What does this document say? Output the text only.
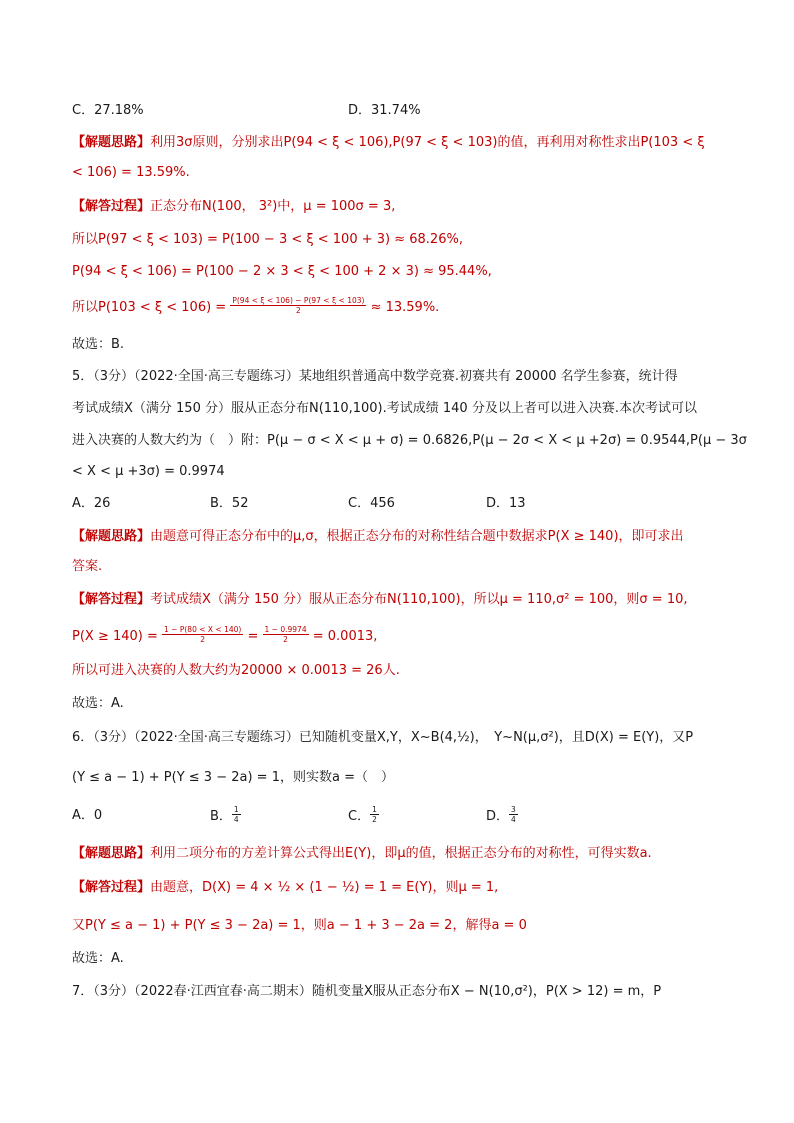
C．27.18%	D．31.74%
【解题思路】利用3σ原则，分别求出P(94 < ξ < 106),P(97 < ξ < 103)的值，再利用对称性求出P(103 < ξ
< 106) = 13.59%.
【解答过程】正态分布N(100， 3²)中，μ = 100σ = 3,
所以P(97 < ξ < 103) = P(100 − 3 < ξ < 100 + 3) ≈ 68.26%,
P(94 < ξ < 106) = P(100 − 2 × 3 < ξ < 100 + 2 × 3) ≈ 95.44%,
所以$P(103 < \xi < 106) = \frac{P(94 < \xi < 106) - P(97 < \xi < 103)}{2} \approx 13.59\%$.
故选：B.
5．（3分）（2022·全国·高三专题练习）某地组织普通高中数学竞赛.初赛共有 20000 名学生参赛，统计得
考试成绩X（满分 150 分）服从正态分布N(110,100).考试成绩 140 分及以上者可以进入决赛.本次考试可以
进入决赛的人数大约为（　）附：P(μ − σ < X < μ + σ) = 0.6826,P(μ − 2σ < X < μ +2σ) = 0.9544,P(μ − 3σ
< X < μ +3σ) = 0.9974
A．26	B．52	C．456	D．13
【解题思路】由题意可得正态分布中的μ,σ，根据正态分布的对称性结合题中数据求P(X ≥ 140)，即可求出
答案.
【解答过程】考试成绩X（满分 150 分）服从正态分布N(110,100)，所以μ = 110,σ² = 100，则σ = 10,
$P(X \ge 140) = \frac{1 - P(80 < X < 140)}{2} = \frac{1 - 0.9974}{2} = 0.0013$,
所以可进入决赛的人数大约为20000 × 0.0013 = 26人.
故选：A.
6．（3分）（2022·全国·高三专题练习）已知随机变量X,Y，X~B(4,½)，　Y~N(μ,σ²)，且D(X) = E(Y)，又P
(Y ≤ a − 1) + P(Y ≤ 3 − 2a) = 1，则实数a =（　）
A．0	B． $\frac{1}{4}$	C． $\frac{1}{2}$	D． $\frac{3}{4}$
【解题思路】利用二项分布的方差计算公式得出E(Y)，即μ的值，根据正态分布的对称性，可得实数a.
【解答过程】由题意，D(X) = 4 × ½ × (1 − ½) = 1 = E(Y)，则μ = 1,
又P(Y ≤ a − 1) + P(Y ≤ 3 − 2a) = 1，则a − 1 + 3 − 2a = 2，解得a = 0
故选：A.
7．（3分）（2022春·江西宜春·高二期末）随机变量X服从正态分布X − N(10,σ²)，P(X > 12) = m，P
